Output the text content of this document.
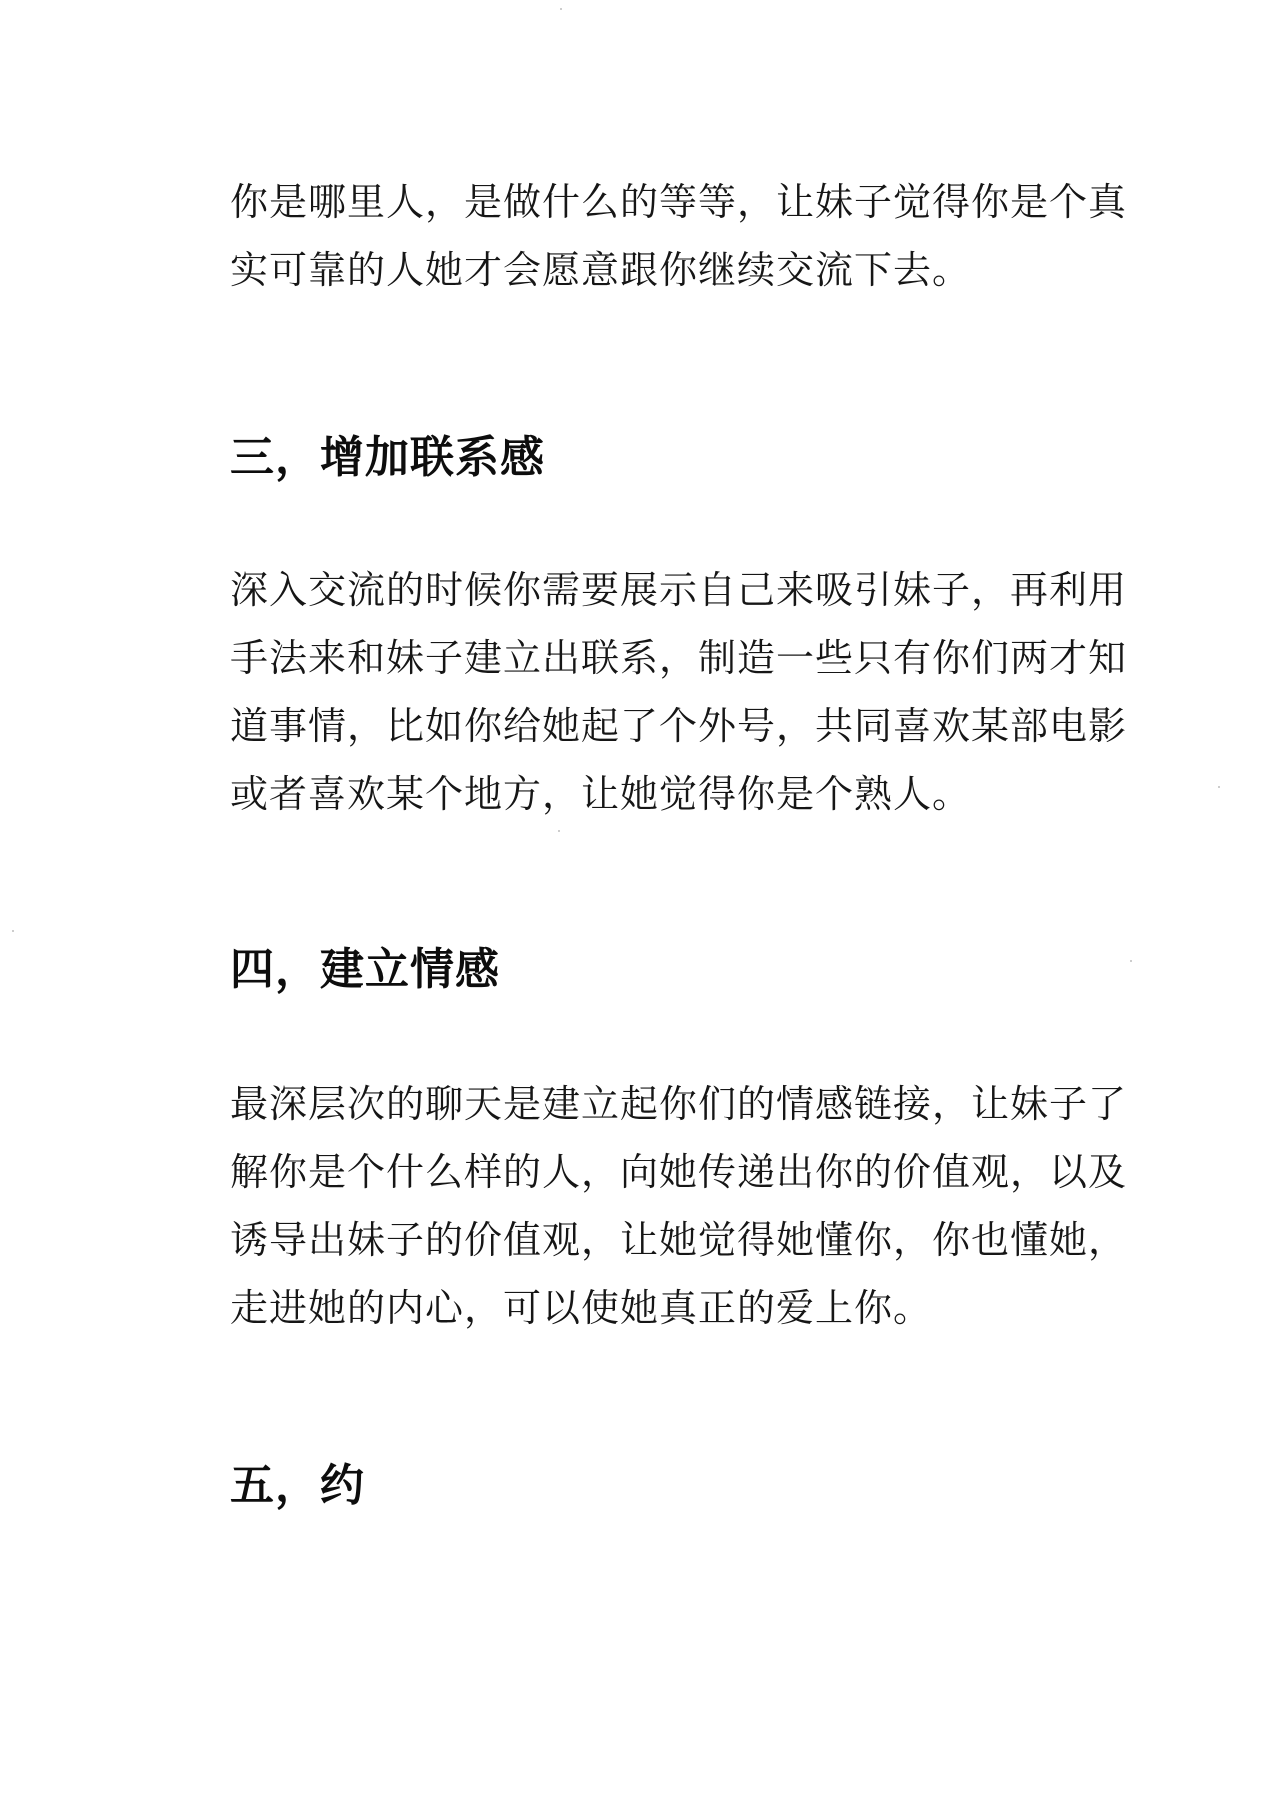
你是哪里人，是做什么的等等，让妹子觉得你是个真
实可靠的人她才会愿意跟你继续交流下去。

三，增加联系感

深入交流的时候你需要展示自己来吸引妹子，再利用
手法来和妹子建立出联系，制造一些只有你们两才知
道事情，比如你给她起了个外号，共同喜欢某部电影
或者喜欢某个地方，让她觉得你是个熟人。

四，建立情感

最深层次的聊天是建立起你们的情感链接，让妹子了
解你是个什么样的人，向她传递出你的价值观，以及
诱导出妹子的价值观，让她觉得她懂你，你也懂她，
走进她的内心，可以使她真正的爱上你。

五，约
